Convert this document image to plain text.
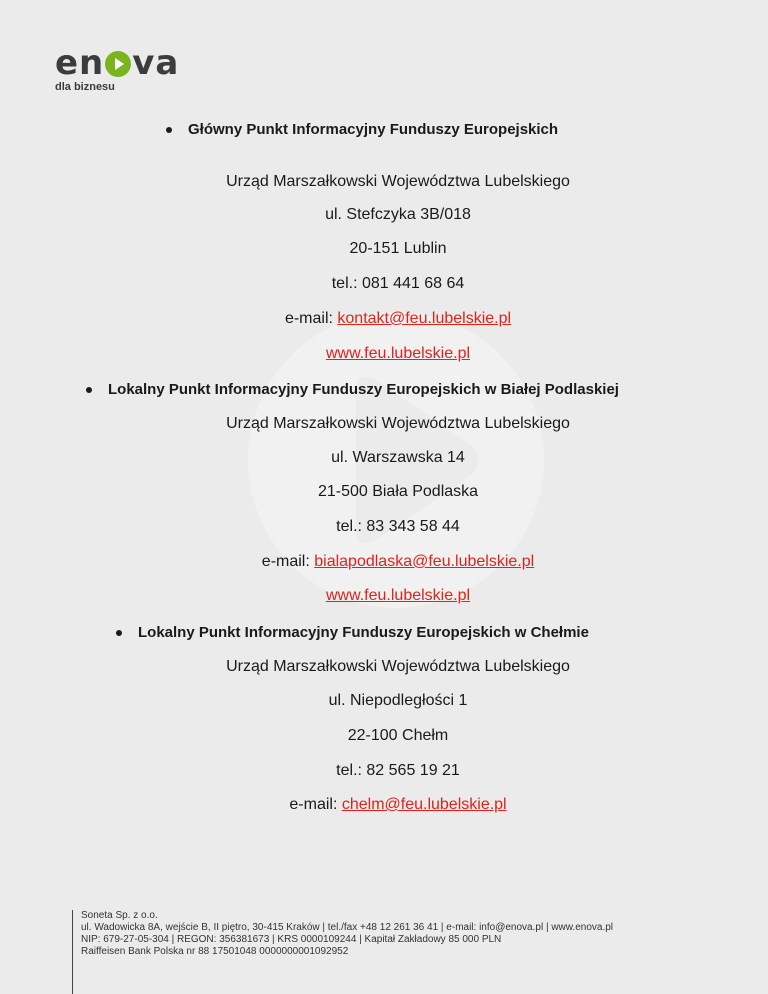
en va
dla biznesu
Główny Punkt Informacyjny Funduszy Europejskich
Urząd Marszałkowski Województwa Lubelskiego
ul. Stefczyka 3B/018
20-151 Lublin
tel.: 081 441 68 64
e-mail: kontakt@feu.lubelskie.pl
www.feu.lubelskie.pl
Lokalny Punkt Informacyjny Funduszy Europejskich w Białej Podlaskiej
Urząd Marszałkowski Województwa Lubelskiego
ul. Warszawska 14
21-500 Biała Podlaska
tel.: 83 343 58 44
e-mail: bialapodlaska@feu.lubelskie.pl
www.feu.lubelskie.pl
Lokalny Punkt Informacyjny Funduszy Europejskich w Chełmie
Urząd Marszałkowski Województwa Lubelskiego
ul. Niepodległości 1
22-100 Chełm
tel.: 82 565 19 21
e-mail: chelm@feu.lubelskie.pl
Soneta Sp. z o.o.
ul. Wadowicka 8A, wejście B, II piętro, 30-415 Kraków | tel./fax +48 12 261 36 41 | e-mail: info@enova.pl | www.enova.pl
NIP: 679-27-05-304 | REGON: 356381673 | KRS 0000109244 | Kapitał Zakładowy 85 000 PLN
Raiffeisen Bank Polska nr 88 17501048 0000000001092952
